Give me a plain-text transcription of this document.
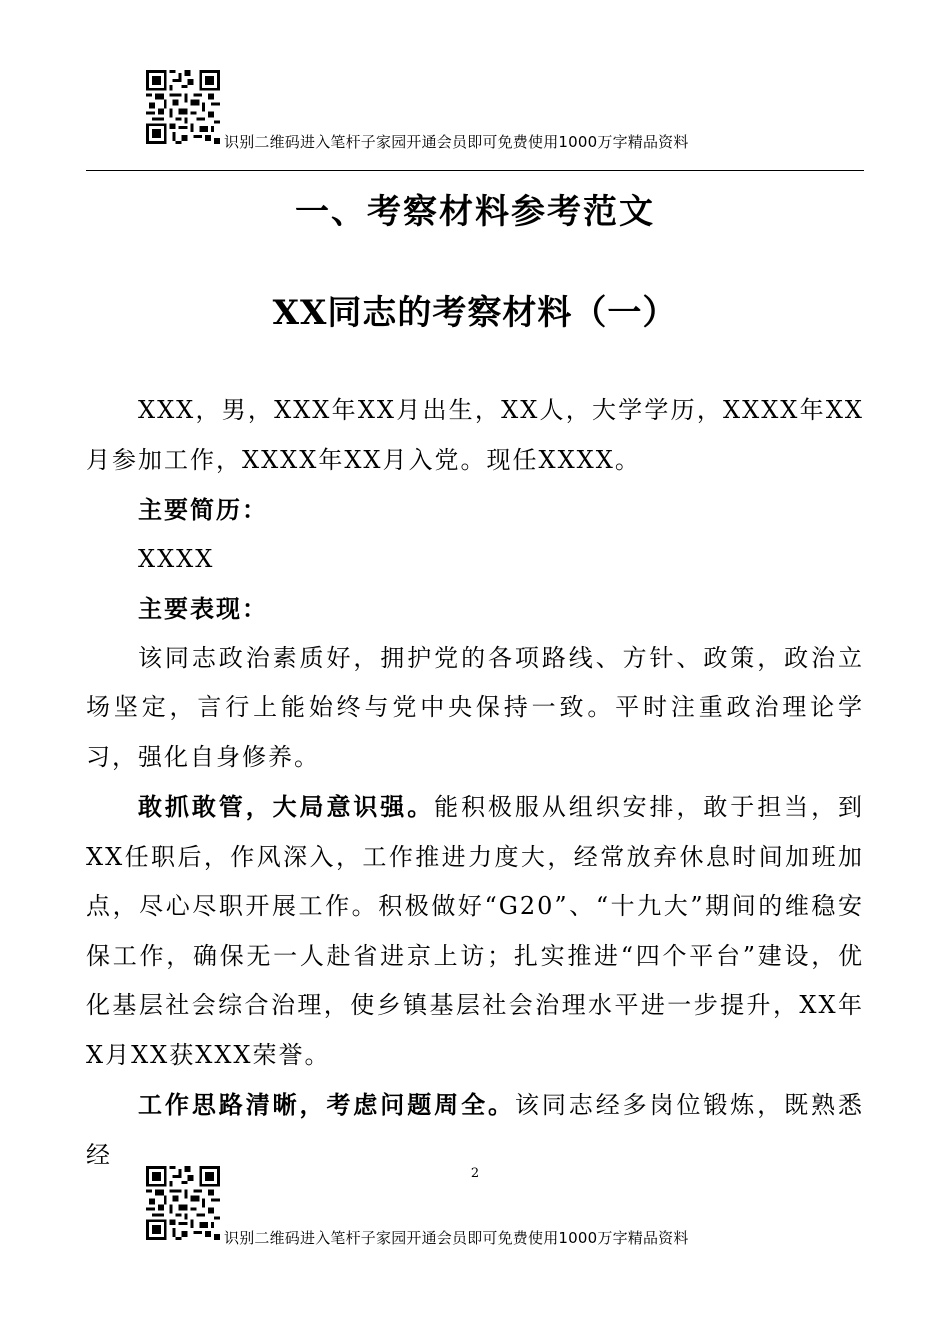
识别二维码进入笔杆子家园开通会员即可免费使用1000万字精品资料
一、考察材料参考范文
XX同志的考察材料（一）

XXX，男，XXX年XX月出生，XX人，大学学历，XXXX年XX月参加工作，XXXX年XX月入党。现任XXXX。

主要简历：

XXXX

主要表现：

该同志政治素质好，拥护党的各项路线、方针、政策，政治立场坚定，言行上能始终与党中央保持一致。平时注重政治理论学习，强化自身修养。

敢抓敢管，大局意识强。能积极服从组织安排，敢于担当，到XX任职后，作风深入，工作推进力度大，经常放弃休息时间加班加点，尽心尽职开展工作。积极做好“G20”、“十九大”期间的维稳安保工作，确保无一人赴省进京上访；扎实推进“四个平台”建设，优化基层社会综合治理，使乡镇基层社会治理水平进一步提升，XX年X月XX获XXX荣誉。

工作思路清晰，考虑问题周全。该同志经多岗位锻炼，既熟悉经

2
识别二维码进入笔杆子家园开通会员即可免费使用1000万字精品资料
